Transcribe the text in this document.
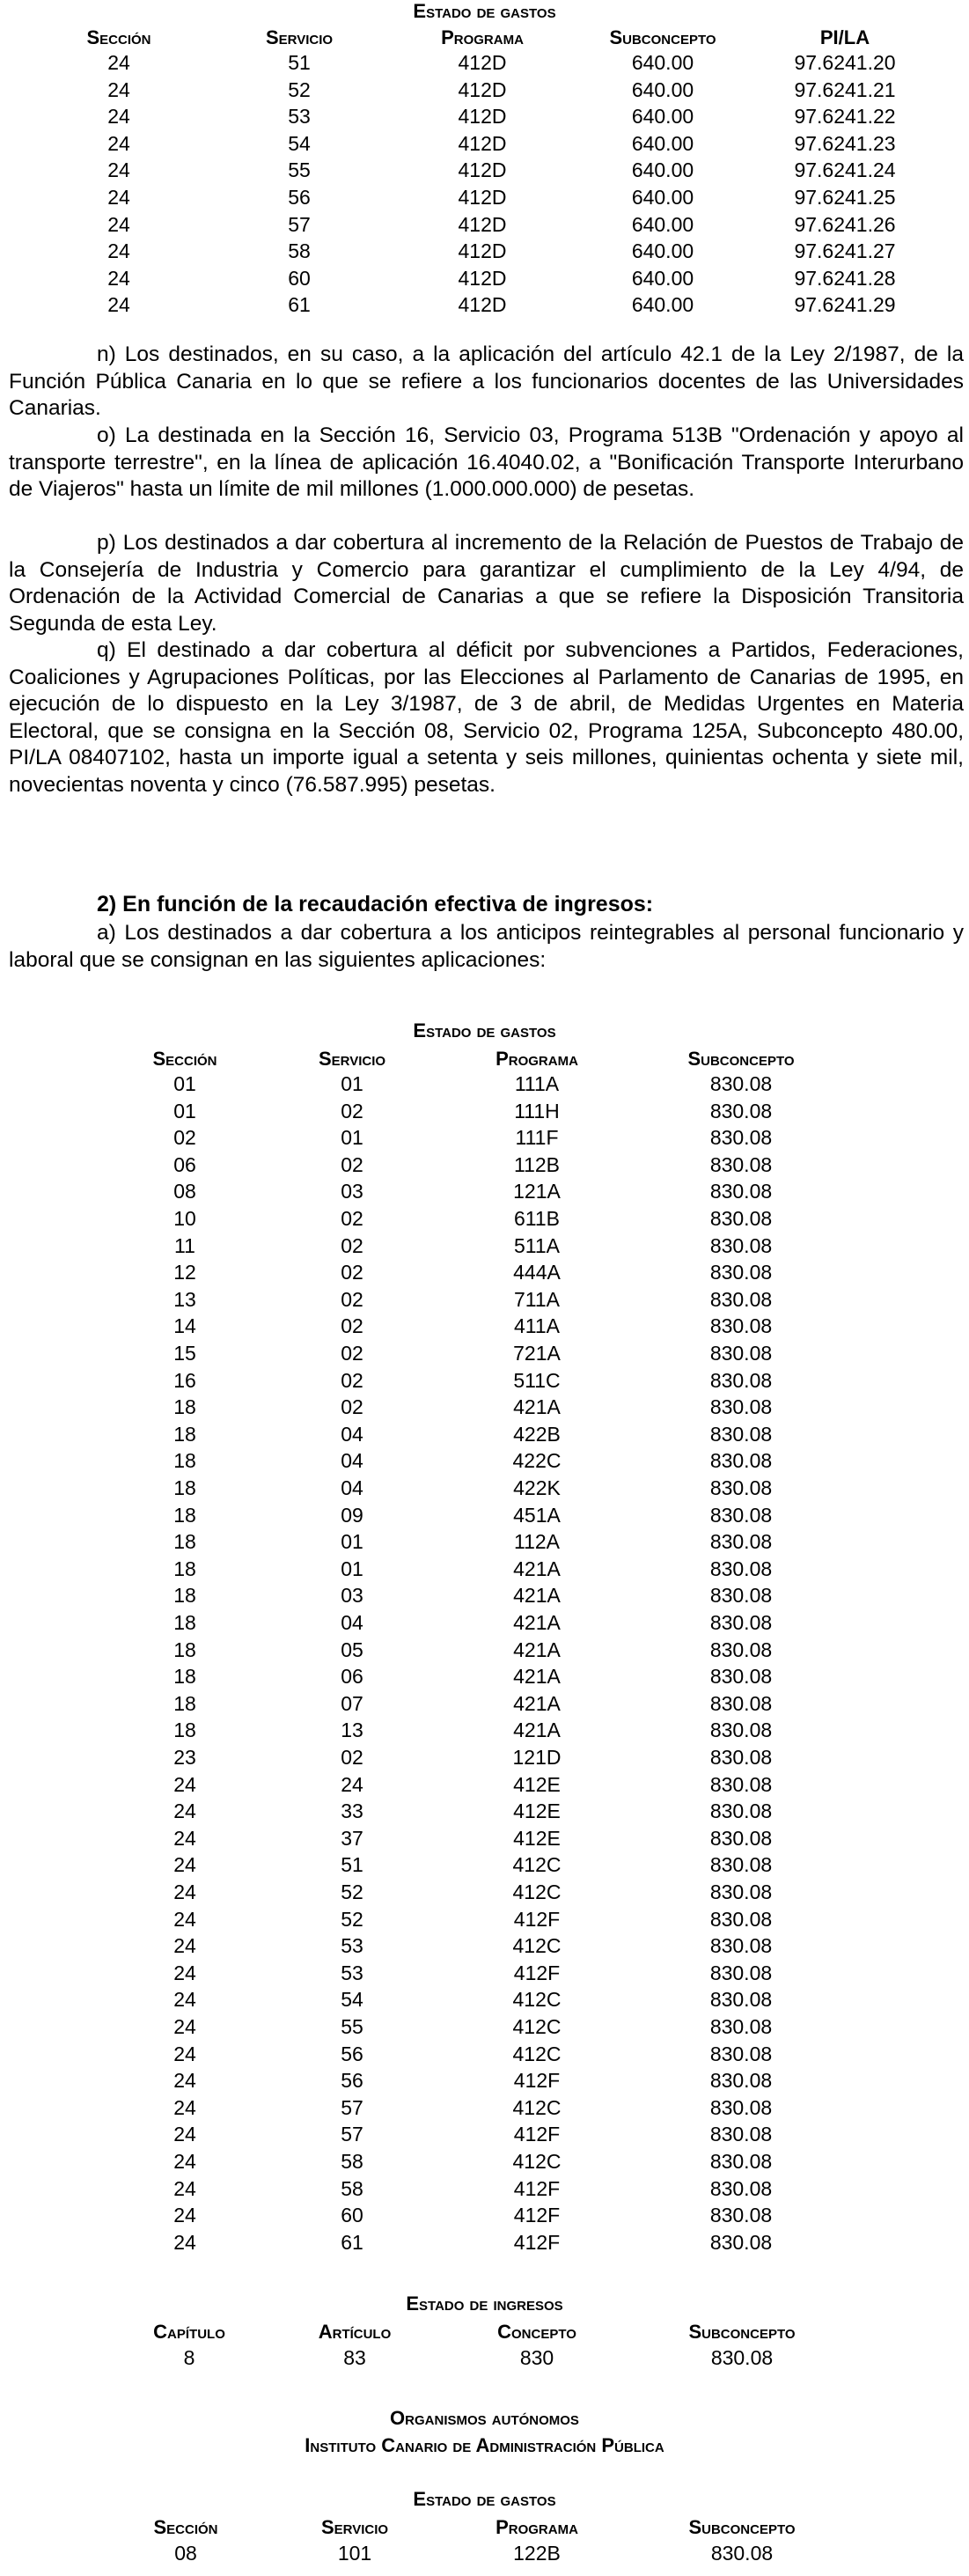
Estado de gastos
Sección	Servicio	Programa	Subconcepto	PI/LA
24	51	412D	640.00	97.6241.20
24	52	412D	640.00	97.6241.21
24	53	412D	640.00	97.6241.22
24	54	412D	640.00	97.6241.23
24	55	412D	640.00	97.6241.24
24	56	412D	640.00	97.6241.25
24	57	412D	640.00	97.6241.26
24	58	412D	640.00	97.6241.27
24	60	412D	640.00	97.6241.28
24	61	412D	640.00	97.6241.29

n) Los destinados, en su caso, a la aplicación del artículo 42.1 de la Ley 2/1987, de la Función Pública Canaria en lo que se refiere a los funcionarios docentes de las Universidades Canarias.

o) La destinada en la Sección 16, Servicio 03, Programa 513B "Ordenación y apoyo al transporte terrestre", en la línea de aplicación 16.4040.02, a "Bonificación Transporte Interurbano de Viajeros" hasta un límite de mil millones (1.000.000.000) de pesetas.

p) Los destinados a dar cobertura al incremento de la Relación de Puestos de Trabajo de la Consejería de Industria y Comercio para garantizar el cumplimiento de la Ley 4/94, de Ordenación de la Actividad Comercial de Canarias a que se refiere la Disposición Transitoria Segunda de esta Ley.

q) El destinado a dar cobertura al déficit por subvenciones a Partidos, Federaciones, Coaliciones y Agrupaciones Políticas, por las Elecciones al Parlamento de Canarias de 1995, en ejecución de lo dispuesto en la Ley 3/1987, de 3 de abril, de Medidas Urgentes en Materia Electoral, que se consigna en la Sección 08, Servicio 02, Programa 125A, Subconcepto 480.00, PI/LA 08407102, hasta un importe igual a setenta y seis millones, quinientas ochenta y siete mil, novecientas noventa y cinco (76.587.995) pesetas.

2) En función de la recaudación efectiva de ingresos:

a) Los destinados a dar cobertura a los anticipos reintegrables al personal funcionario y laboral que se consignan en las siguientes aplicaciones:

Estado de gastos
Sección	Servicio	Programa	Subconcepto
01	01	111A	830.08
01	02	111H	830.08
02	01	111F	830.08
06	02	112B	830.08
08	03	121A	830.08
10	02	611B	830.08
11	02	511A	830.08
12	02	444A	830.08
13	02	711A	830.08
14	02	411A	830.08
15	02	721A	830.08
16	02	511C	830.08
18	02	421A	830.08
18	04	422B	830.08
18	04	422C	830.08
18	04	422K	830.08
18	09	451A	830.08
18	01	112A	830.08
18	01	421A	830.08
18	03	421A	830.08
18	04	421A	830.08
18	05	421A	830.08
18	06	421A	830.08
18	07	421A	830.08
18	13	421A	830.08
23	02	121D	830.08
24	24	412E	830.08
24	33	412E	830.08
24	37	412E	830.08
24	51	412C	830.08
24	52	412C	830.08
24	52	412F	830.08
24	53	412C	830.08
24	53	412F	830.08
24	54	412C	830.08
24	55	412C	830.08
24	56	412C	830.08
24	56	412F	830.08
24	57	412C	830.08
24	57	412F	830.08
24	58	412C	830.08
24	58	412F	830.08
24	60	412F	830.08
24	61	412F	830.08
Estado de ingresos
Capítulo	Artículo	Concepto	Subconcepto
8	83	830	830.08
Organismos autónomos
Instituto Canario de Administración Pública
Estado de gastos
Sección	Servicio	Programa	Subconcepto
08	101	122B	830.08
